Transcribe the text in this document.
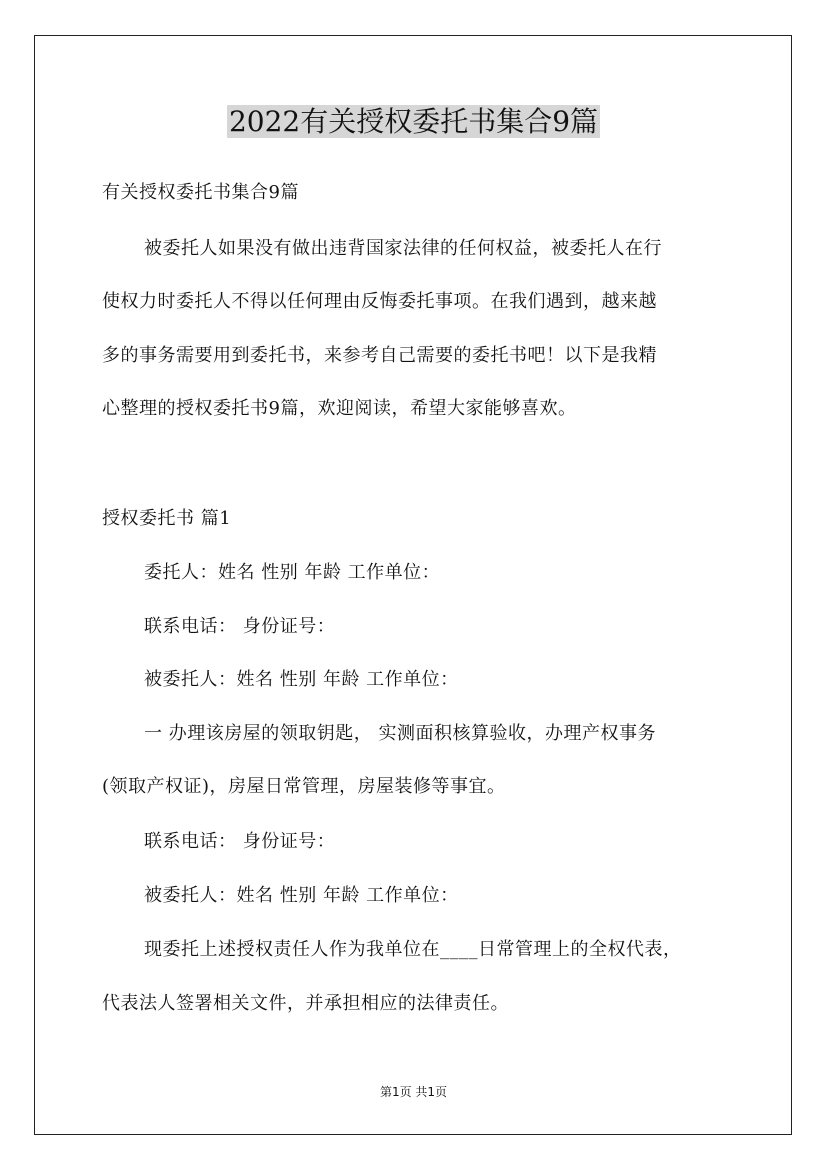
2022有关授权委托书集合9篇
有关授权委托书集合9篇
被委托人如果没有做出违背国家法律的任何权益，被委托人在行
使权力时委托人不得以任何理由反悔委托事项。在我们遇到，越来越
多的事务需要用到委托书，来参考自己需要的委托书吧！以下是我精
心整理的授权委托书9篇，欢迎阅读，希望大家能够喜欢。
授权委托书 篇1
委托人：姓名 性别 年龄 工作单位：
联系电话： 身份证号：
被委托人：姓名 性别 年龄 工作单位：
一 办理该房屋的领取钥匙， 实测面积核算验收，办理产权事务
(领取产权证)，房屋日常管理，房屋装修等事宜。
联系电话： 身份证号：
被委托人：姓名 性别 年龄 工作单位：
现委托上述授权责任人作为我单位在____日常管理上的全权代表，
代表法人签署相关文件，并承担相应的法律责任。
第1页 共1页
